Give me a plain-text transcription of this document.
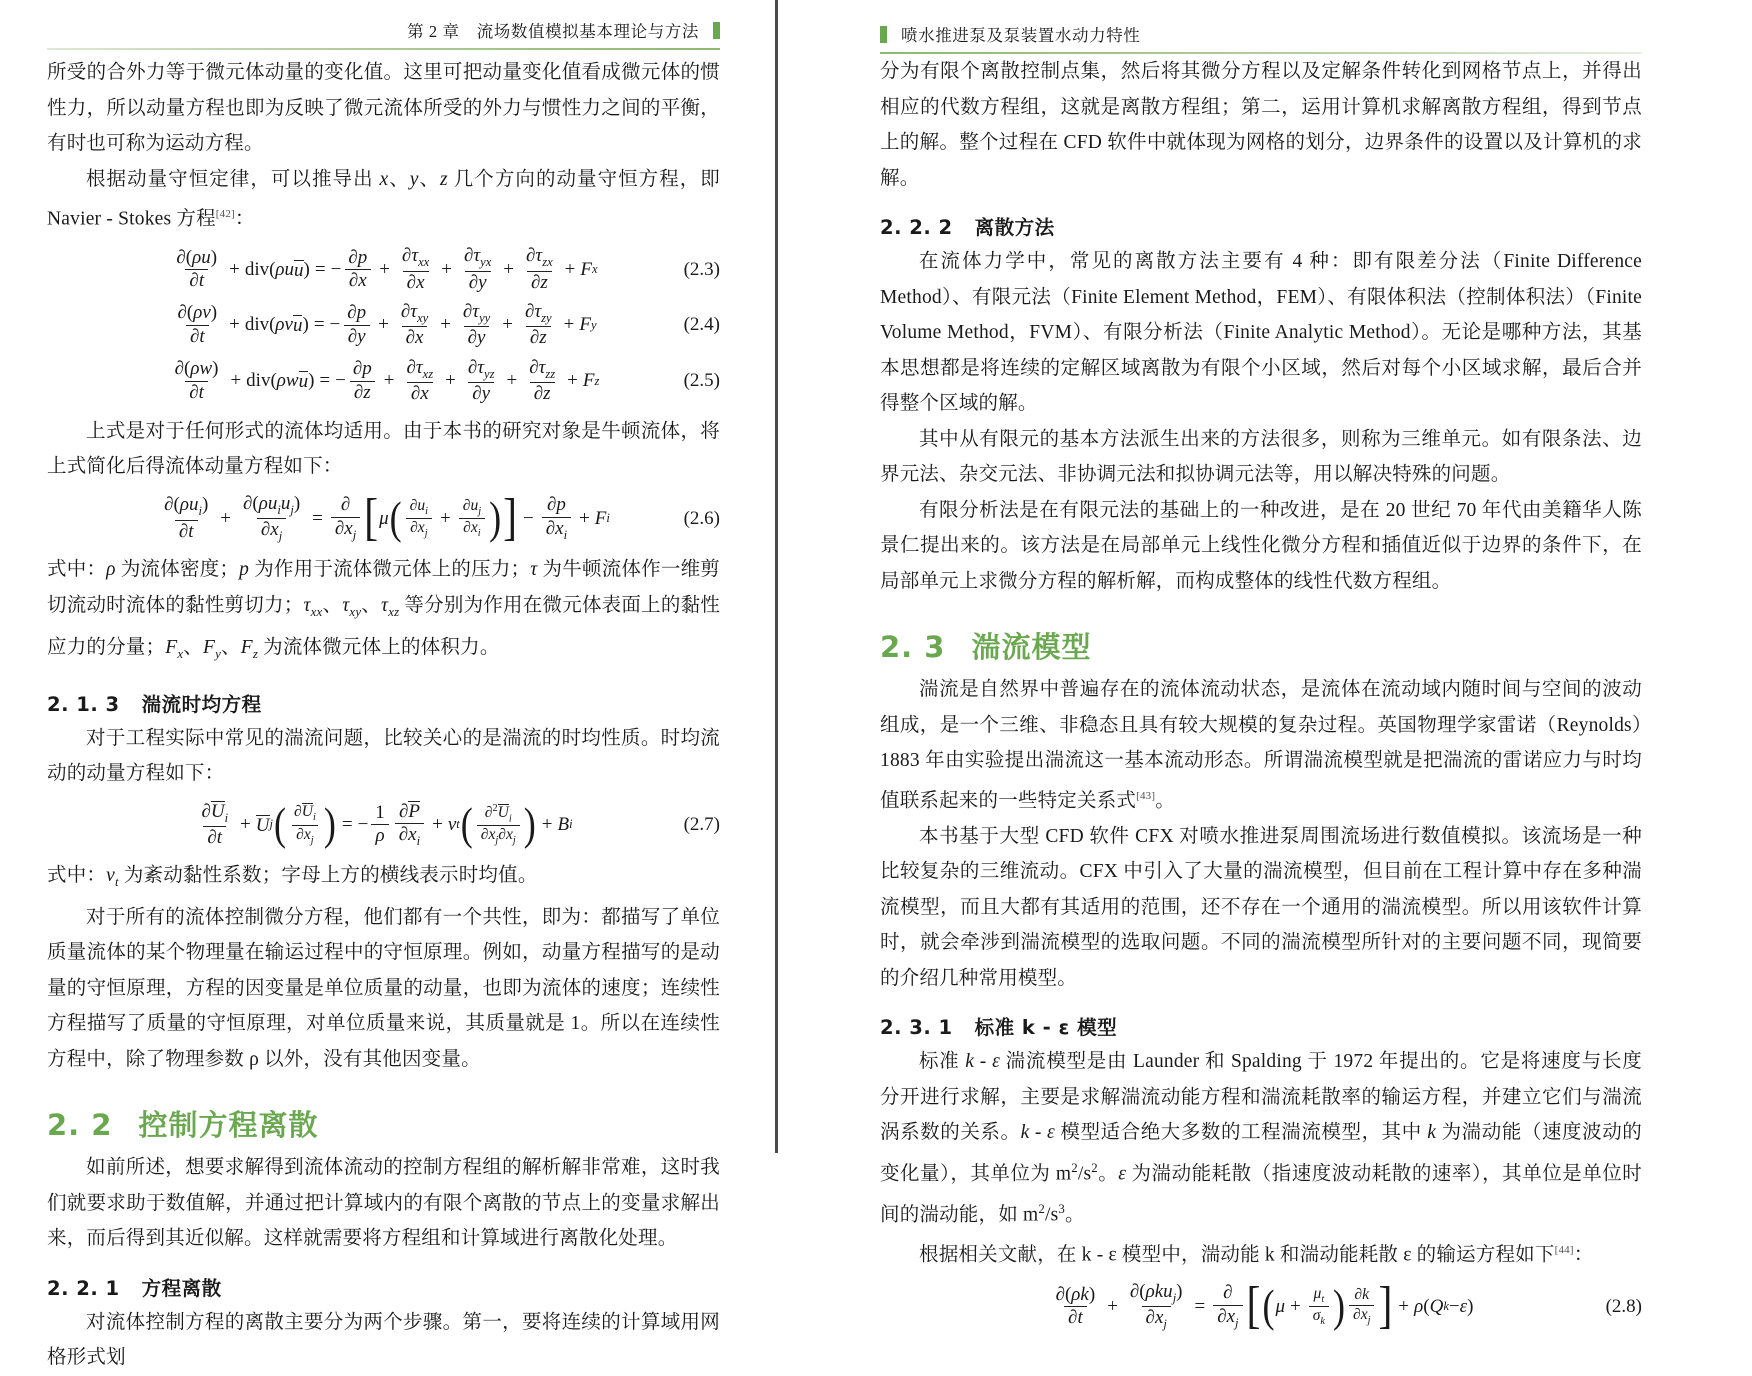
第 2 章　流场数值模拟基本理论与方法

所受的合外力等于微元体动量的变化值。这里可把动量变化值看成微元体的惯性力，所以动量方程也即为反映了微元流体所受的外力与惯性力之间的平衡，有时也可称为运动方程。

根据动量守恒定律，可以推导出 x、y、z 几个方向的动量守恒方程，即 Navier - Stokes 方程[42]：

$\frac{\partial(\rho u)}{\partial t} + div$( ρu u ) = − $\frac{\partial p}{\partial x} + \frac{\partial\tau_{xx}}{\partial x} + \frac{\partial\tau_{yx}}{\partial y} + \frac{\partial\tau_{zx}}{\partial z} + F$ x	(2.3)
$\frac{\partial(\rho v)}{\partial t} + div$( ρv u ) = − $\frac{\partial p}{\partial y} + \frac{\partial\tau_{xy}}{\partial x} + \frac{\partial\tau_{yy}}{\partial y} + \frac{\partial\tau_{zy}}{\partial z} + F$ y	(2.4)
$\frac{\partial(\rho w)}{\partial t} + div$( ρw u ) = − $\frac{\partial p}{\partial z} + \frac{\partial\tau_{xz}}{\partial x} + \frac{\partial\tau_{yz}}{\partial y} + \frac{\partial\tau_{zz}}{\partial z} + F$ z	(2.5)

上式是对于任何形式的流体均适用。由于本书的研究对象是牛顿流体，将上式简化后得流体动量方程如下：

$\frac{\partial(\rho u_i)}{\partial t} + \frac{\partial(\rho u_iu_j)}{\partial x_j} = \frac{\partial}{\partial x_j}$ [ μ ( $\frac{\partial u_i}{\partial x_j} + \frac{\partial u_j}{\partial x_i}$ ) ] − $\frac{\partial p}{\partial x_i} + F$ i	(2.6)

式中：ρ 为流体密度；p 为作用于流体微元体上的压力；τ 为牛顿流体作一维剪切流动时流体的黏性剪切力；$\tau_{xx}$、$\tau_{xy}$、$\tau_{xz}$ 等分别为作用在微元体表面上的黏性应力的分量；$F_x$、$F_y$、$F_z$ 为流体微元体上的体积力。

2. 1. 3 湍流时均方程

对于工程实际中常见的湍流问题，比较关心的是湍流的时均性质。时均流动的动量方程如下：

$\frac{\partial U_i}{\partial t} + U$ j ( $\frac{\partial U_i}{\partial x_j}$ ) = − $\frac{1}{\rho} \frac{\partial P}{\partial x_i} + v$ t ( $\frac{\partial^2U_i}{\partial x_j\partial x_j}$ ) + B i	(2.7)

式中：$v_t$ 为紊动黏性系数；字母上方的横线表示时均值。

对于所有的流体控制微分方程，他们都有一个共性，即为：都描写了单位质量流体的某个物理量在输运过程中的守恒原理。例如，动量方程描写的是动量的守恒原理，方程的因变量是单位质量的动量，也即为流体的速度；连续性方程描写了质量的守恒原理，对单位质量来说，其质量就是 1。所以在连续性方程中，除了物理参数 ρ 以外，没有其他因变量。

2. 2 控制方程离散

如前所述，想要求解得到流体流动的控制方程组的解析解非常难，这时我们就要求助于数值解，并通过把计算域内的有限个离散的节点上的变量求解出来，而后得到其近似解。这样就需要将方程组和计算域进行离散化处理。

2. 2. 1 方程离散

对流体控制方程的离散主要分为两个步骤。第一，要将连续的计算域用网格形式划

喷水推进泵及泵装置水动力特性

分为有限个离散控制点集，然后将其微分方程以及定解条件转化到网格节点上，并得出相应的代数方程组，这就是离散方程组；第二，运用计算机求解离散方程组，得到节点上的解。整个过程在 CFD 软件中就体现为网格的划分，边界条件的设置以及计算机的求解。

2. 2. 2 离散方法

在流体力学中，常见的离散方法主要有 4 种：即有限差分法（Finite Difference Method）、有限元法（Finite Element Method，FEM）、有限体积法（控制体积法）（Finite Volume Method，FVM）、有限分析法（Finite Analytic Method）。无论是哪种方法，其基本思想都是将连续的定解区域离散为有限个小区域，然后对每个小区域求解，最后合并得整个区域的解。

其中从有限元的基本方法派生出来的方法很多，则称为三维单元。如有限条法、边界元法、杂交元法、非协调元法和拟协调元法等，用以解决特殊的问题。

有限分析法是在有限元法的基础上的一种改进，是在 20 世纪 70 年代由美籍华人陈景仁提出来的。该方法是在局部单元上线性化微分方程和插值近似于边界的条件下，在局部单元上求微分方程的解析解，而构成整体的线性代数方程组。

2. 3 湍流模型

湍流是自然界中普遍存在的流体流动状态，是流体在流动域内随时间与空间的波动组成，是一个三维、非稳态且具有较大规模的复杂过程。英国物理学家雷诺（Reynolds）1883 年由实验提出湍流这一基本流动形态。所谓湍流模型就是把湍流的雷诺应力与时均值联系起来的一些特定关系式[43]。

本书基于大型 CFD 软件 CFX 对喷水推进泵周围流场进行数值模拟。该流场是一种比较复杂的三维流动。CFX 中引入了大量的湍流模型，但目前在工程计算中存在多种湍流模型，而且大都有其适用的范围，还不存在一个通用的湍流模型。所以用该软件计算时，就会牵涉到湍流模型的选取问题。不同的湍流模型所针对的主要问题不同，现简要的介绍几种常用模型。

2. 3. 1 标准 k - ε 模型

标准 k - ε 湍流模型是由 Launder 和 Spalding 于 1972 年提出的。它是将速度与长度分开进行求解，主要是求解湍流动能方程和湍流耗散率的输运方程，并建立它们与湍流涡系数的关系。k - ε 模型适合绝大多数的工程湍流模型，其中 k 为湍动能（速度波动的变化量），其单位为 $m^2/s^2$。ε 为湍动能耗散（指速度波动耗散的速率），其单位是单位时间的湍动能，如 $m^2/s^3$。

根据相关文献，在 k - ε 模型中，湍动能 k 和湍动能耗散 ε 的输运方程如下[44]：

$\frac{\partial(\rho k)}{\partial t} + \frac{\partial(\rho ku_j)}{\partial x_j} = \frac{\partial}{\partial x_j}$ [ ( $\mu + \frac{\mu_t}{\sigma_k}$ ) $\frac{\partial k}{\partial x_j}$ ] + ρ ( Q k − ε )	(2.8)
